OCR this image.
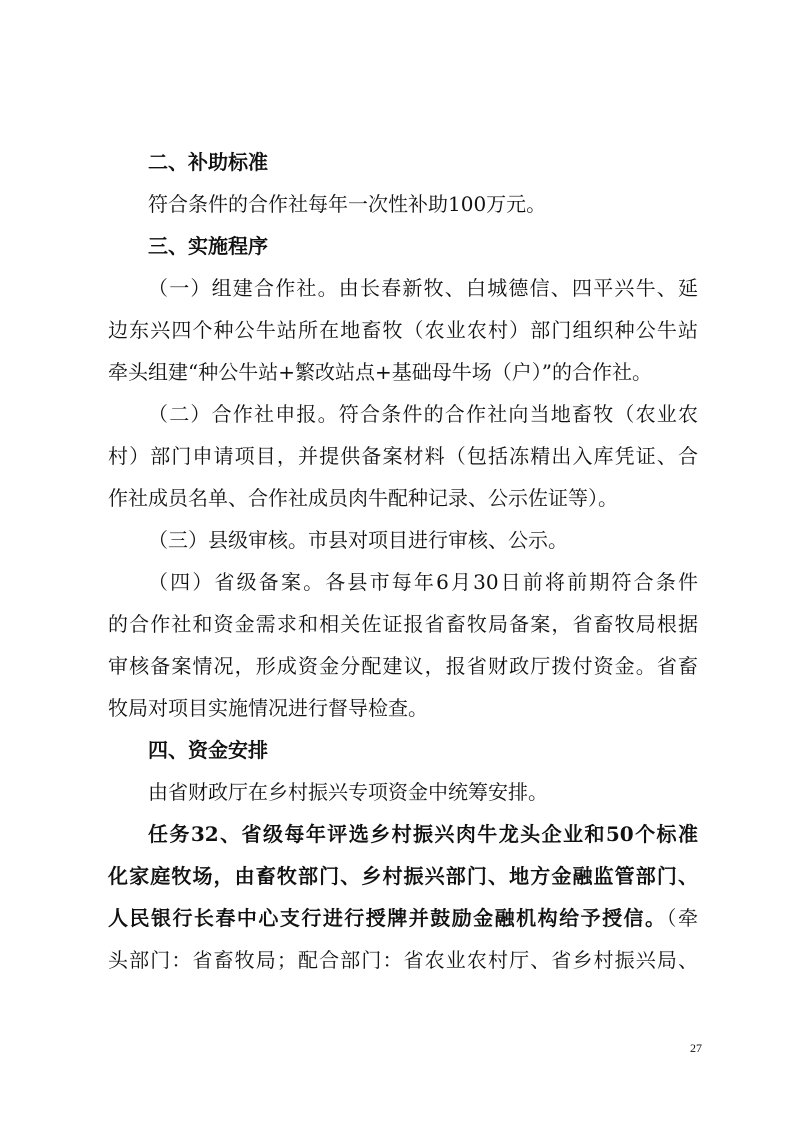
二、补助标准
符合条件的合作社每年一次性补助100万元。
三、实施程序
（一）组建合作社。由长春新牧、白城德信、四平兴牛、延
边东兴四个种公牛站所在地畜牧（农业农村）部门组织种公牛站
牵头组建“种公牛站+繁改站点+基础母牛场（户）”的合作社。
（二）合作社申报。符合条件的合作社向当地畜牧（农业农
村）部门申请项目，并提供备案材料（包括冻精出入库凭证、合
作社成员名单、合作社成员肉牛配种记录、公示佐证等）。
（三）县级审核。市县对项目进行审核、公示。
（四）省级备案。各县市每年6月30日前将前期符合条件
的合作社和资金需求和相关佐证报省畜牧局备案，省畜牧局根据
审核备案情况，形成资金分配建议，报省财政厅拨付资金。省畜
牧局对项目实施情况进行督导检查。
四、资金安排
由省财政厅在乡村振兴专项资金中统筹安排。
任务32、省级每年评选乡村振兴肉牛龙头企业和50个标准
化家庭牧场，由畜牧部门、乡村振兴部门、地方金融监管部门、
人民银行长春中心支行进行授牌并鼓励金融机构给予授信。（牵
头部门：省畜牧局；配合部门：省农业农村厅、省乡村振兴局、
27
